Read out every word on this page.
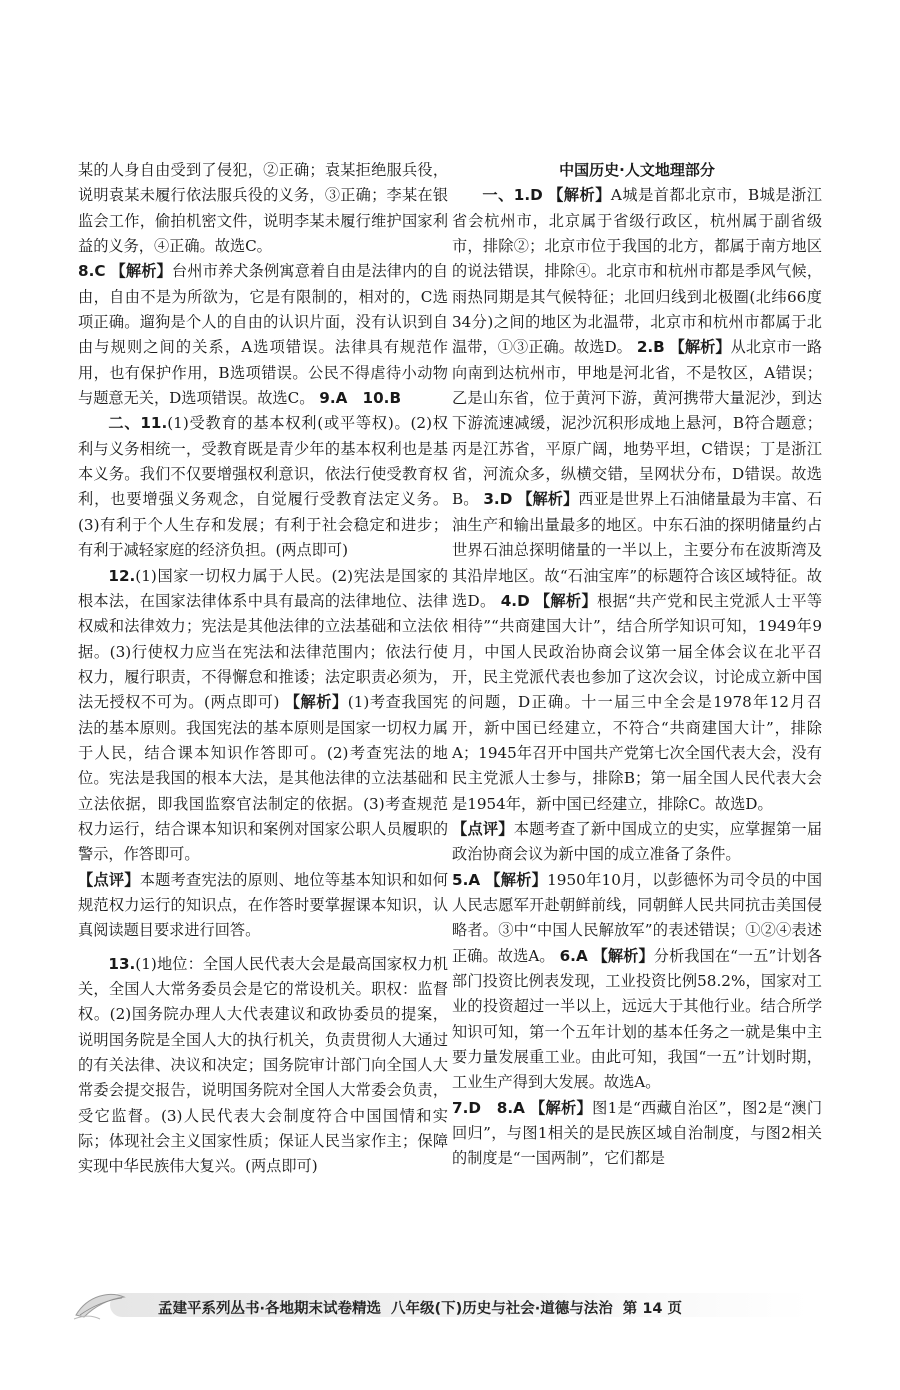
某的人身自由受到了侵犯，②正确；袁某拒绝服兵役，说明袁某未履行依法服兵役的义务，③正确；李某在银监会工作，偷拍机密文件，说明李某未履行维护国家利益的义务，④正确。故选C。

8.C 【 解析 】 台州市养犬条例寓意着自由是法律内的自由，自由不是为所欲为，它是有限制的，相对的，C选项正确。遛狗是个人的自由的认识片面，没有认识到自由与规则之间的关系，A选项错误。法律具有规范作用，也有保护作用，B选项错误。公民不得虐待小动物与题意无关，D选项错误。故选C。 9.A　10.B

二、11.(1)受教育的基本权利(或平等权)。(2)权利与义务相统一，受教育既是青少年的基本权利也是基本义务。我们不仅要增强权利意识，依法行使受教育权利，也要增强义务观念，自觉履行受教育法定义务。(3)有利于个人生存和发展；有利于社会稳定和进步；有利于减轻家庭的经济负担。(两点即可)

12.(1)国家一切权力属于人民。(2)宪法是国家的根本法，在国家法律体系中具有最高的法律地位、法律权威和法律效力；宪法是其他法律的立法基础和立法依据。(3)行使权力应当在宪法和法律范围内；依法行使权力，履行职责，不得懈怠和推诿；法定职责必须为，法无授权不可为。(两点即可) 【 解析 】 (1)考查我国宪法的基本原则。我国宪法的基本原则是国家一切权力属于人民，结合课本知识作答即可。(2)考查宪法的地位。宪法是我国的根本大法，是其他法律的立法基础和立法依据，即我国监察官法制定的依据。(3)考查规范权力运行，结合课本知识和案例对国家公职人员履职的警示，作答即可。

【 点评 】 本题考查宪法的原则、地位等基本知识和如何规范权力运行的知识点，在作答时要掌握课本知识，认真阅读题目要求进行回答。

13.(1)地位：全国人民代表大会是最高国家权力机关，全国人大常务委员会是它的常设机关。职权：监督权。(2)国务院办理人大代表建议和政协委员的提案，说明国务院是全国人大的执行机关，负责贯彻人大通过的有关法律、决议和决定；国务院审计部门向全国人大常委会提交报告，说明国务院对全国人大常委会负责，受它监督。(3)人民代表大会制度符合中国国情和实际；体现社会主义国家性质；保证人民当家作主；保障实现中华民族伟大复兴。(两点即可)

中国历史·人文地理部分

一、1.D 【 解析 】 A城是首都北京市，B城是浙江省会杭州市，北京属于省级行政区，杭州属于副省级市，排除②；北京市位于我国的北方，都属于南方地区的说法错误，排除④。北京市和杭州市都是季风气候，雨热同期是其气候特征；北回归线到北极圈(北纬66度34分)之间的地区为北温带，北京市和杭州市都属于北温带，①③正确。故选D。 2.B 【 解析 】 从北京市一路向南到达杭州市，甲地是河北省，不是牧区，A错误；乙是山东省，位于黄河下游，黄河携带大量泥沙，到达下游流速减缓，泥沙沉积形成地上悬河，B符合题意；丙是江苏省，平原广阔，地势平坦，C错误；丁是浙江省，河流众多，纵横交错，呈网状分布，D错误。故选B。 3.D 【 解析 】 西亚是世界上石油储量最为丰富、石油生产和输出量最多的地区。中东石油的探明储量约占世界石油总探明储量的一半以上，主要分布在波斯湾及其沿岸地区。故“石油宝库”的标题符合该区域特征。故选D。 4.D 【 解析 】 根据“共产党和民主党派人士平等相待”“共商建国大计”，结合所学知识可知，1949年9月，中国人民政治协商会议第一届全体会议在北平召开，民主党派代表也参加了这次会议，讨论成立新中国的问题，D正确。十一届三中全会是1978年12月召开，新中国已经建立，不符合“共商建国大计”，排除A；1945年召开中国共产党第七次全国代表大会，没有民主党派人士参与，排除B；第一届全国人民代表大会是1954年，新中国已经建立，排除C。故选D。

【 点评 】 本题考查了新中国成立的史实，应掌握第一届政治协商会议为新中国的成立准备了条件。

5.A 【 解析 】 1950年10月，以彭德怀为司令员的中国人民志愿军开赴朝鲜前线，同朝鲜人民共同抗击美国侵略者。③中“中国人民解放军”的表述错误；①②④表述正确。故选A。 6.A 【 解析 】 分析我国在“一五”计划各部门投资比例表发现，工业投资比例58.2%，国家对工业的投资超过一半以上，远远大于其他行业。结合所学知识可知，第一个五年计划的基本任务之一就是集中主要力量发展重工业。由此可知，我国“一五”计划时期，工业生产得到大发展。故选A。

7.D　8.A 【 解析 】 图1是“西藏自治区”，图2是“澳门回归”，与图1相关的是民族区域自治制度，与图2相关的制度是“一国两制”，它们都是

孟建平系列丛书·各地期末试卷精选 八年级(下)历史与社会·道德与法治 第 14 页
